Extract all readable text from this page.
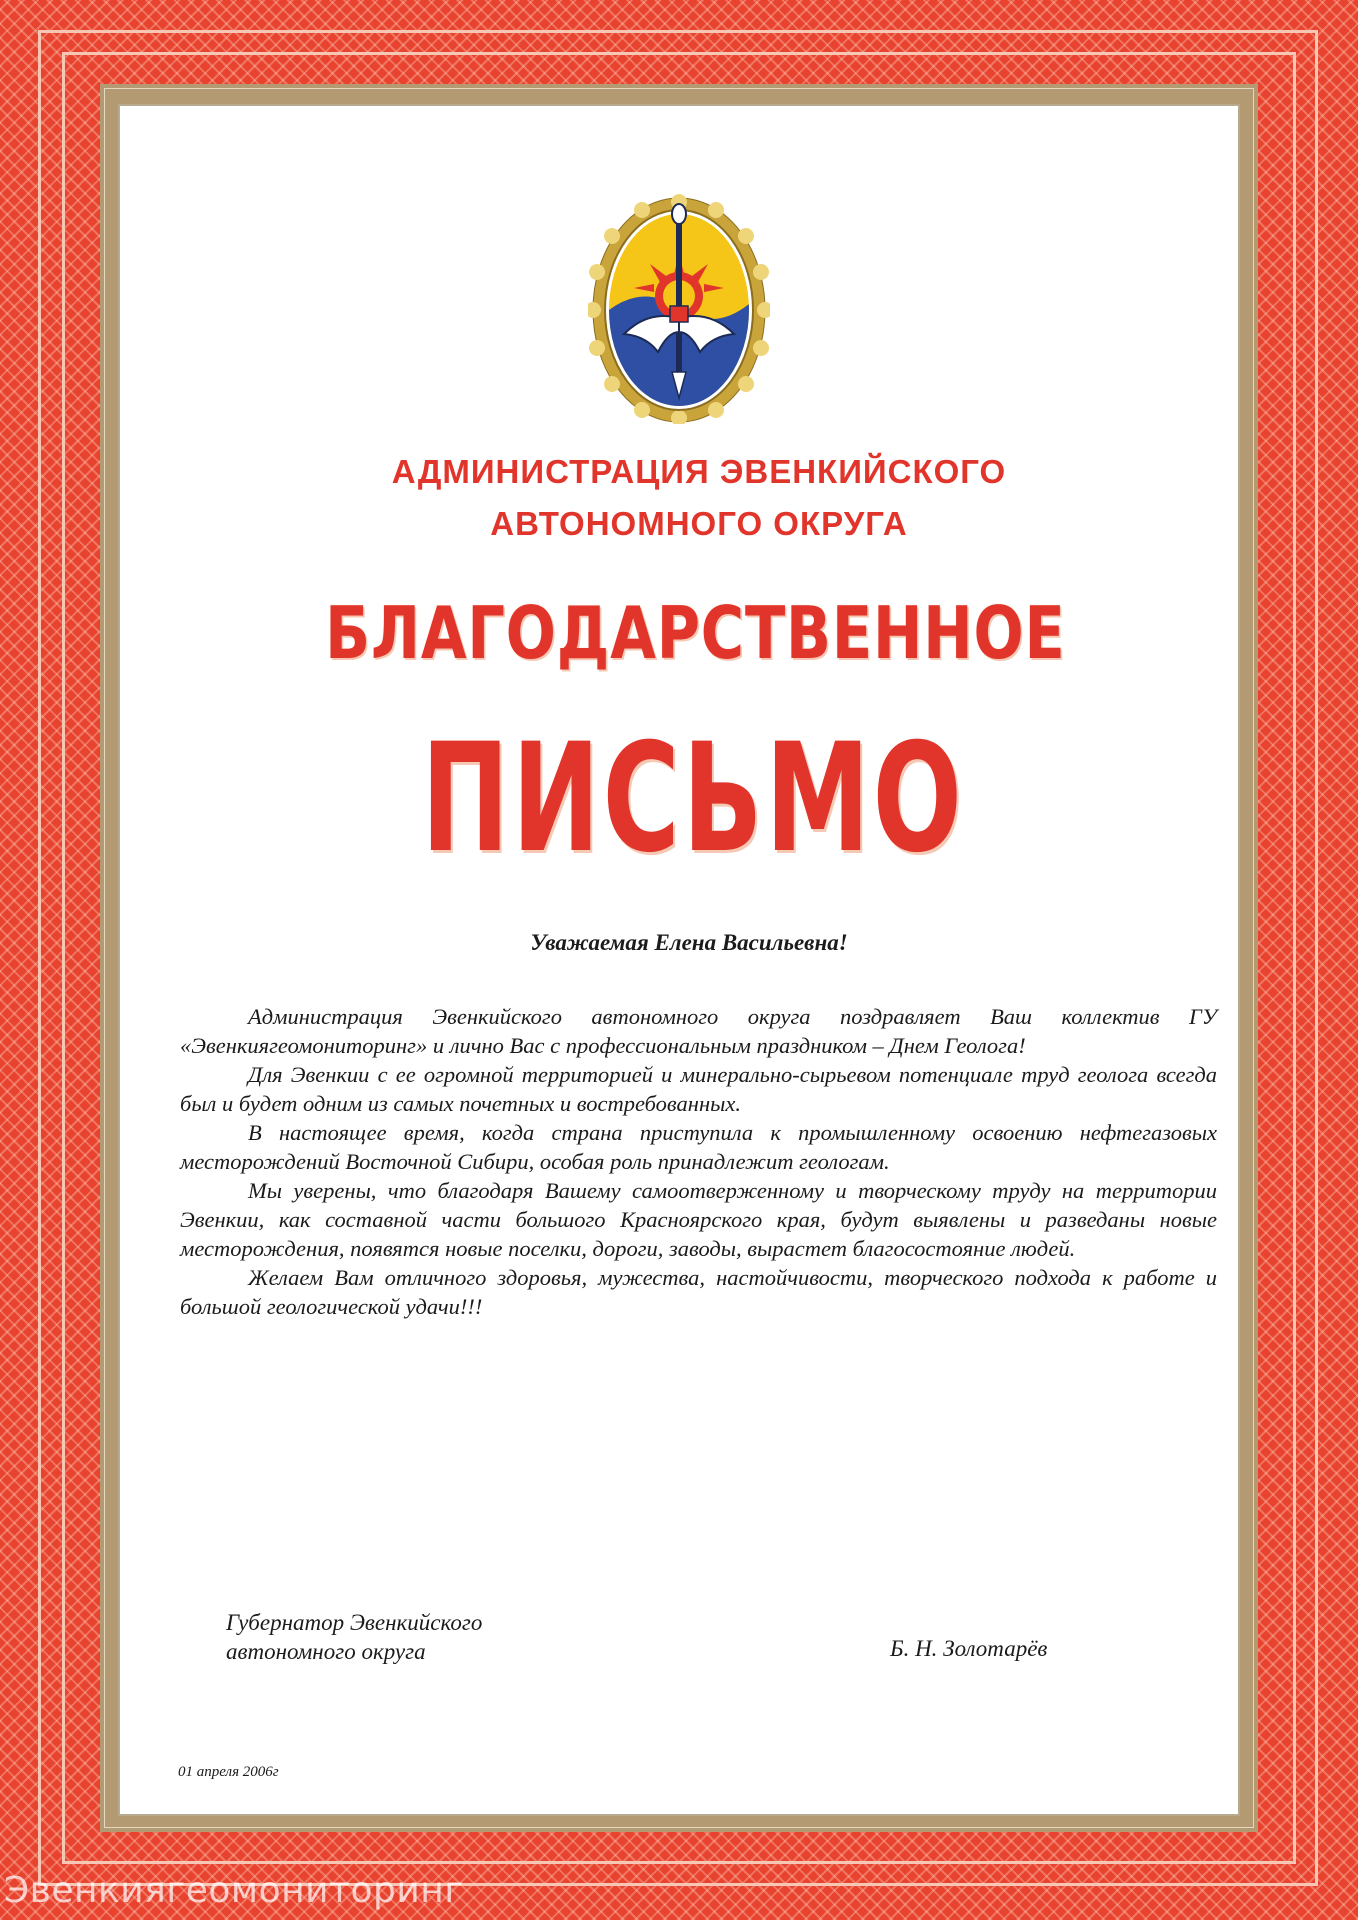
АДМИНИСТРАЦИЯ ЭВЕНКИЙСКОГО
АВТОНОМНОГО ОКРУГА
БЛАГОДАРСТВЕННОЕ
ПИСЬМО
Уважаемая Елена Васильевна!

Администрация Эвенкийского автономного округа поздравляет Ваш коллектив ГУ «Эвенкиягеомониторинг» и лично Вас с профессиональным праздником – Днем Геолога!

Для Эвенкии с ее огромной территорией и минерально-сырьевом потенциале труд геолога всегда был и будет одним из самых почетных и востребованных.

В настоящее время, когда страна приступила к промышленному освоению нефтегазовых месторождений Восточной Сибири, особая роль принадлежит геологам.

Мы уверены, что благодаря Вашему самоотверженному и творческому труду на территории Эвенкии, как составной части большого Красноярского края, будут выявлены и разведаны новые месторождения, появятся новые поселки, дороги, заводы, вырастет благосостояние людей.

Желаем Вам отличного здоровья, мужества, настойчивости, творческого подхода к работе и большой геологической удачи!!!

Губернатор Эвенкийского
автономного округа	Б. Н. Золотарёв
01 апреля 2006г
Эвенкиягеомониторинг
